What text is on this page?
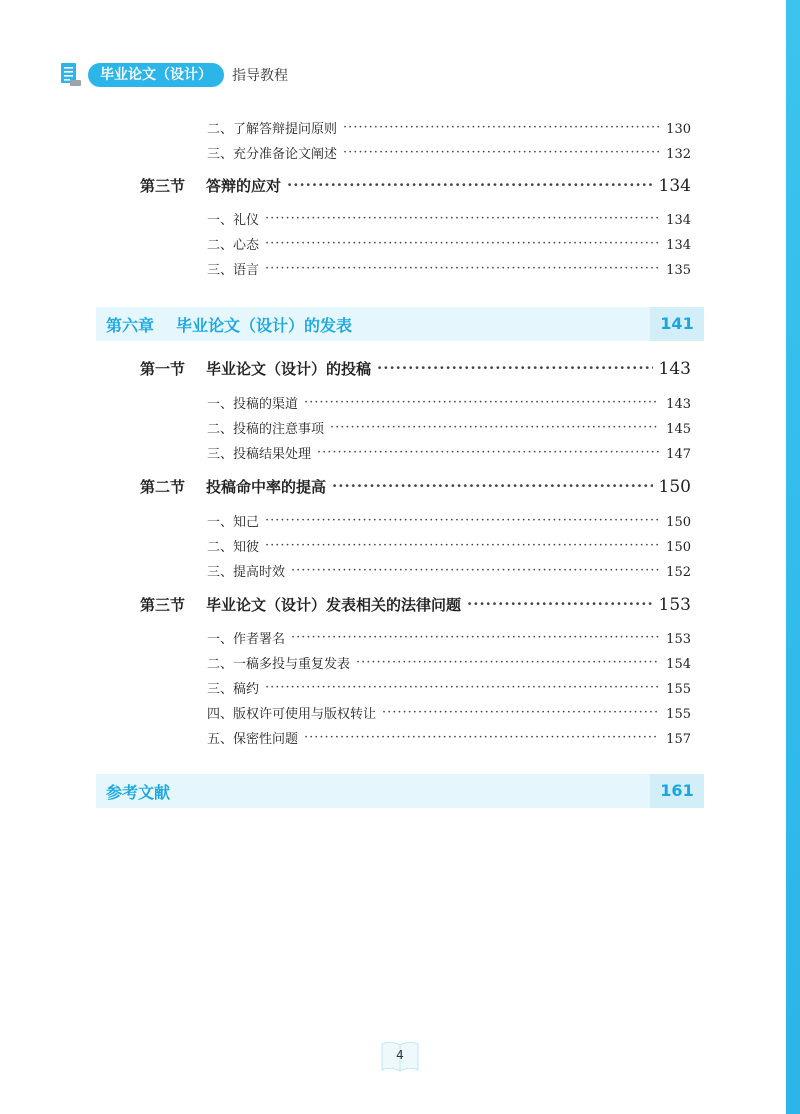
毕业论文（设计）	指导教程
二、了解答辩提问原则 ·····	130
三、充分准备论文阐述 ·····	132
第三节	答辩的应对 ·····	134
一、礼仪 ·····	134
二、心态 ·····	134
三、语言 ·····	135
第六章 毕业论文（设计）的发表	141
第一节	毕业论文（设计）的投稿 ·····	143
一、投稿的渠道 ·····	143
二、投稿的注意事项 ·····	145
三、投稿结果处理 ·····	147
第二节	投稿命中率的提高 ·····	150
一、知己 ·····	150
二、知彼 ·····	150
三、提高时效 ·····	152
第三节	毕业论文（设计）发表相关的法律问题 ·····	153
一、作者署名 ·····	153
二、一稿多投与重复发表 ·····	154
三、稿约 ·····	155
四、版权许可使用与版权转让 ·····	155
五、保密性问题 ·····	157
参考文献	161
4
